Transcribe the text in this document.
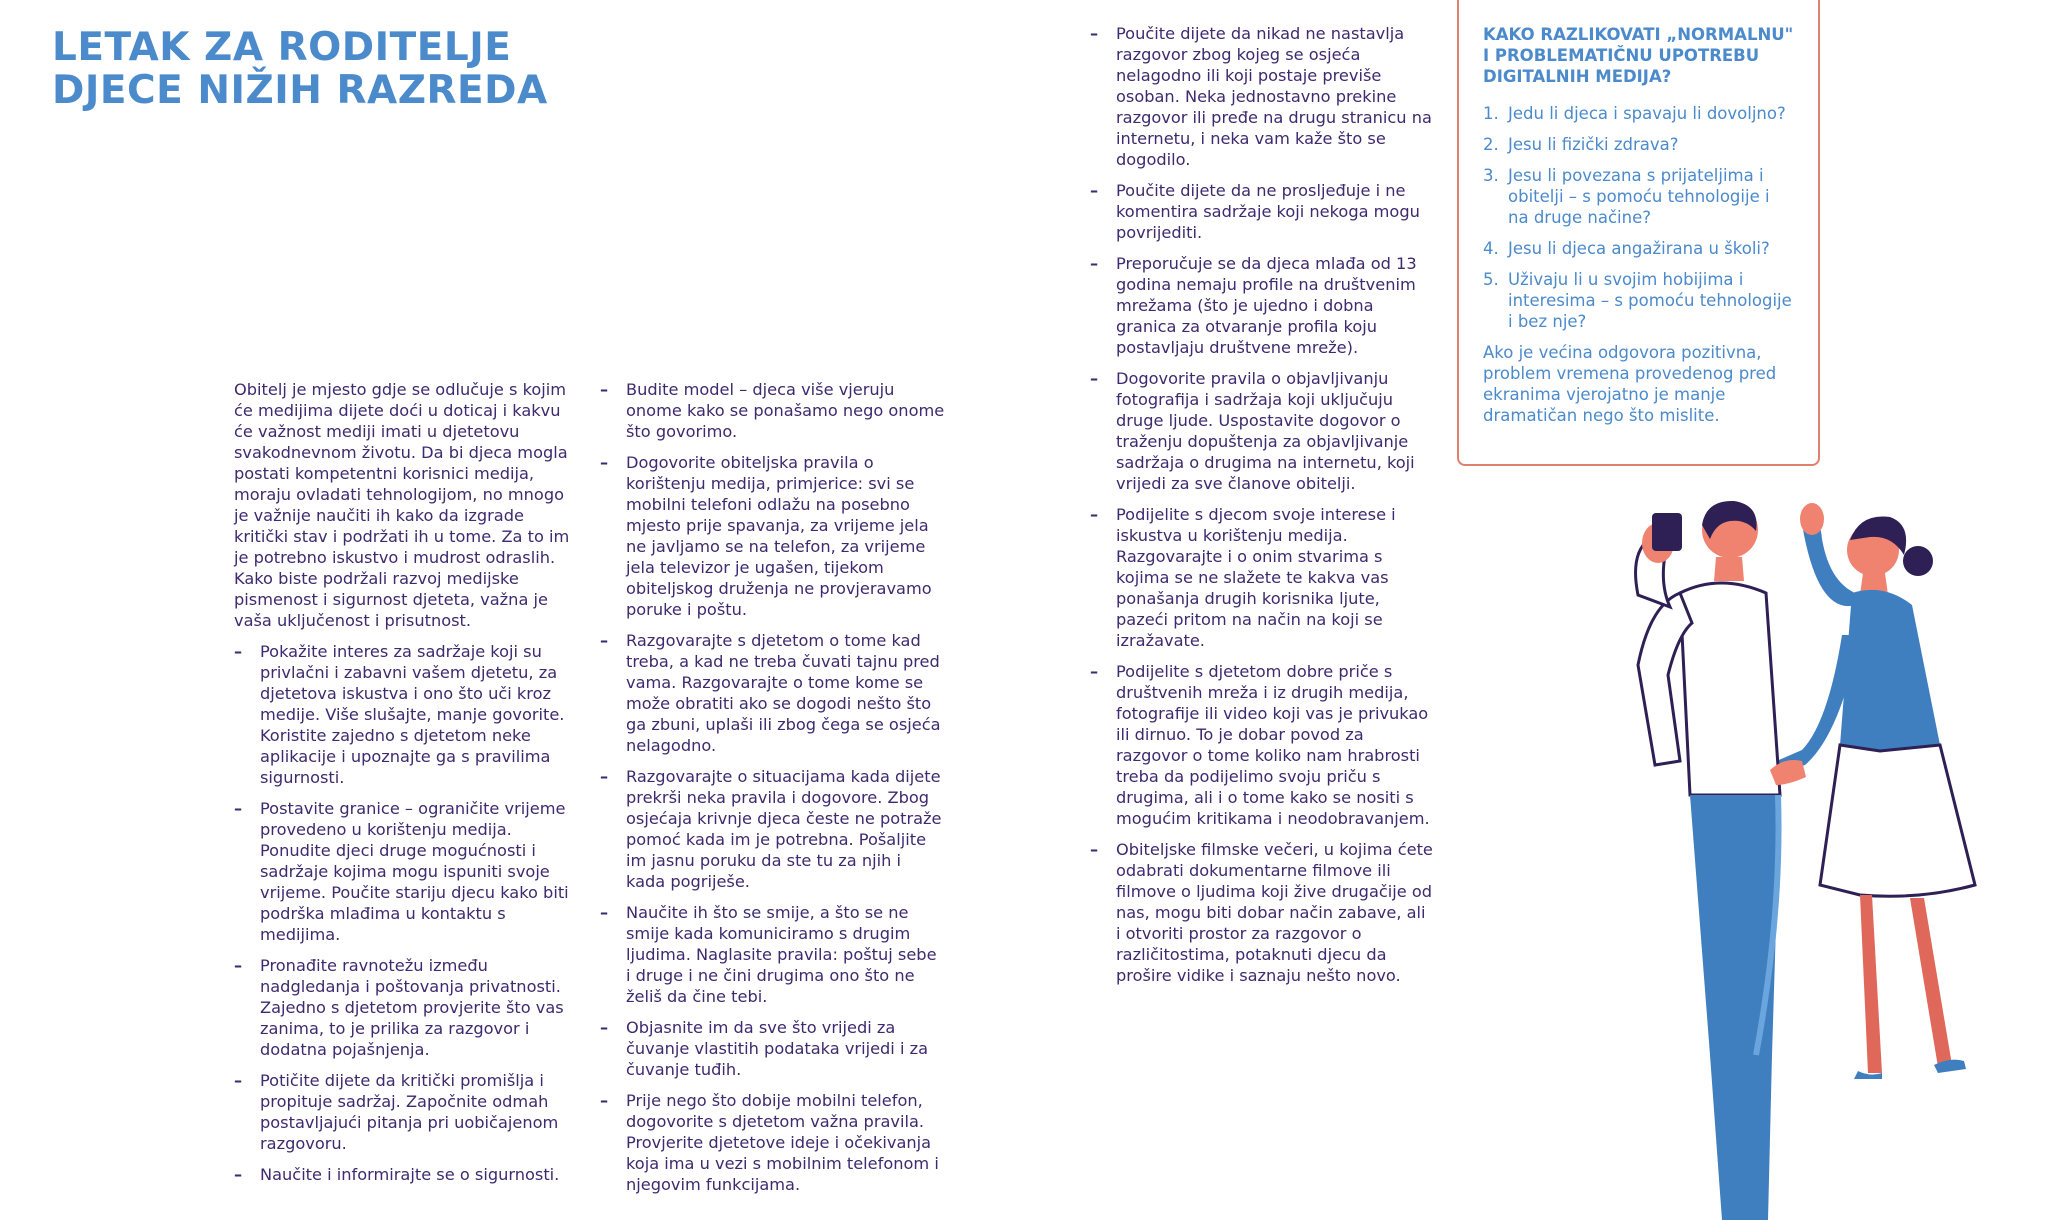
LETAK ZA RODITELJE
DJECE NIŽIH RAZREDA

Obitelj je mjesto gdje se odlučuje s kojim će medijima dijete doći u doticaj i kakvu će važnost mediji imati u djetetovu svakodnevnom životu. Da bi djeca mogla postati kompetentni korisnici medija, moraju ovladati tehnologijom, no mnogo je važnije naučiti ih kako da izgrade kritički stav i podržati ih u tome. Za to im je potrebno iskustvo i mudrost odraslih. Kako biste podržali razvoj medijske pismenost i sigurnost djeteta, važna je vaša uključenost i prisutnost.

– Pokažite interes za sadržaje koji su privlačni i zabavni vašem djetetu, za djetetova iskustva i ono što uči kroz medije. Više slušajte, manje govorite. Koristite zajedno s djetetom neke aplikacije i upoznajte ga s pravilima sigurnosti.
– Postavite granice – ograničite vrijeme provedeno u korištenju medija. Ponudite djeci druge mogućnosti i sadržaje kojima mogu ispuniti svoje vrijeme. Poučite stariju djecu kako biti podrška mlađima u kontaktu s medijima.
– Pronađite ravnotežu između nadgledanja i poštovanja privatnosti. Zajedno s djetetom provjerite što vas zanima, to je prilika za razgovor i dodatna pojašnjenja.
– Potičite dijete da kritički promišlja i propituje sadržaj. Započnite odmah postavljajući pitanja pri uobičajenom razgovoru.
– Naučite i informirajte se o sigurnosti.
– Budite model – djeca više vjeruju onome kako se ponašamo nego onome što govorimo.
– Dogovorite obiteljska pravila o korištenju medija, primjerice: svi se mobilni telefoni odlažu na posebno mjesto prije spavanja, za vrijeme jela ne javljamo se na telefon, za vrijeme jela televizor je ugašen, tijekom obiteljskog druženja ne provjeravamo poruke i poštu.
– Razgovarajte s djetetom o tome kad treba, a kad ne treba čuvati tajnu pred vama. Razgovarajte o tome kome se može obratiti ako se dogodi nešto što ga zbuni, uplaši ili zbog čega se osjeća nelagodno.
– Razgovarajte o situacijama kada dijete prekrši neka pravila i dogovore. Zbog osjećaja krivnje djeca česte ne potraže pomoć kada im je potrebna. Pošaljite im jasnu poruku da ste tu za njih i kada pogriješe.
– Naučite ih što se smije, a što se ne smije kada komuniciramo s drugim ljudima. Naglasite pravila: poštuj sebe i druge i ne čini drugima ono što ne želiš da čine tebi.
– Objasnite im da sve što vrijedi za čuvanje vlastitih podataka vrijedi i za čuvanje tuđih.
– Prije nego što dobije mobilni telefon, dogovorite s djetetom važna pravila. Provjerite djetetove ideje i očekivanja koja ima u vezi s mobilnim telefonom i njegovim funkcijama.
– Poučite dijete da nikad ne nastavlja razgovor zbog kojeg se osjeća nelagodno ili koji postaje previše osoban. Neka jednostavno prekine razgovor ili pređe na drugu stranicu na internetu, i neka vam kaže što se dogodilo.
– Poučite dijete da ne prosljeđuje i ne komentira sadržaje koji nekoga mogu povrijediti.
– Preporučuje se da djeca mlađa od 13 godina nemaju profile na društvenim mrežama (što je ujedno i dobna granica za otvaranje profila koju postavljaju društvene mreže).
– Dogovorite pravila o objavljivanju fotografija i sadržaja koji uključuju druge ljude. Uspostavite dogovor o traženju dopuštenja za objavljivanje sadržaja o drugima na internetu, koji vrijedi za sve članove obitelji.
– Podijelite s djecom svoje interese i iskustva u korištenju medija. Razgovarajte i o onim stvarima s kojima se ne slažete te kakva vas ponašanja drugih korisnika ljute, pazeći pritom na način na koji se izražavate.
– Podijelite s djetetom dobre priče s društvenih mreža i iz drugih medija, fotografije ili video koji vas je privukao ili dirnuo. To je dobar povod za razgovor o tome koliko nam hrabrosti treba da podijelimo svoju priču s drugima, ali i o tome kako se nositi s mogućim kritikama i neodobravanjem.
– Obiteljske filmske večeri, u kojima ćete odabrati dokumentarne filmove ili filmove o ljudima koji žive drugačije od nas, mogu biti dobar način zabave, ali i otvoriti prostor za razgovor o različitostima, potaknuti djecu da prošire vidike i saznaju nešto novo.
KAKO RAZLIKOVATI „NORMALNU"
I PROBLEMATIČNU UPOTREBU
DIGITALNIH MEDIJA?
1. Jedu li djeca i spavaju li dovoljno?
2. Jesu li fizički zdrava?
3. Jesu li povezana s prijateljima i obitelji – s pomoću tehnologije i na druge načine?
4. Jesu li djeca angažirana u školi?
5. Uživaju li u svojim hobijima i interesima – s pomoću tehnologije i bez nje?

Ako je većina odgovora pozitivna, problem vremena provedenog pred ekranima vjerojatno je manje dramatičan nego što mislite.
